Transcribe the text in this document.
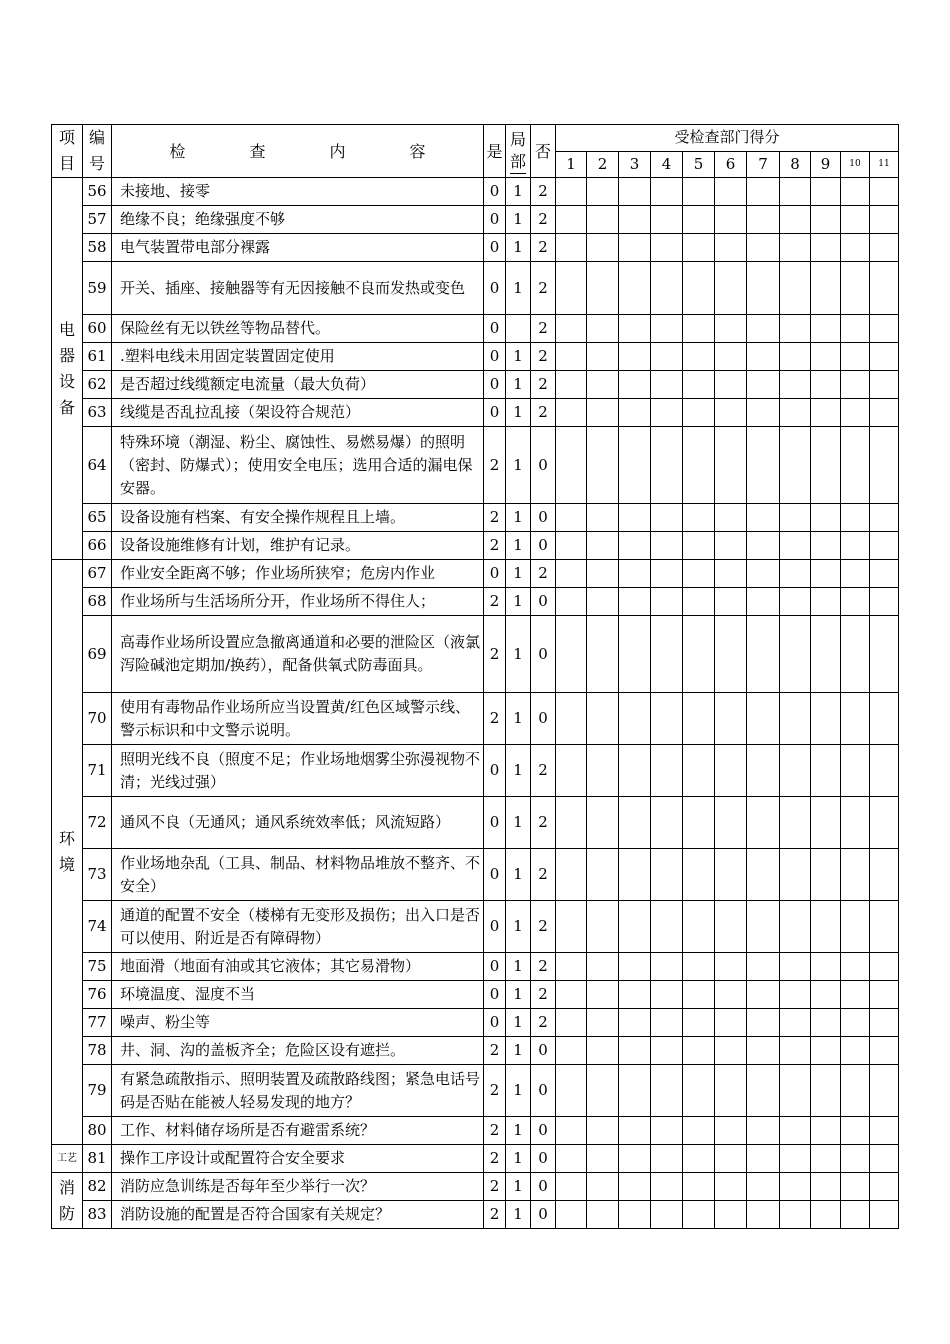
项目	编号	检 查 内 容	是	局部	否	受检查部门得分										
						1	2	3	4	5	6	7	8	9	10	11

电器设备	56	未接地、接零	0	1	2											
	57	绝缘不良；绝缘强度不够	0	1	2											
	58	电气装置带电部分裸露	0	1	2											
	59	开关、插座、接触器等有无因接触不良而发热或变色	0	1	2											
	60	保险丝有无以铁丝等物品替代。	0		2											
	61	.塑料电线未用固定装置固定使用	0	1	2											
	62	是否超过线缆额定电流量（最大负荷）	0	1	2											
	63	线缆是否乱拉乱接（架设符合规范）	0	1	2											
	64	特殊环境（潮湿、粉尘、腐蚀性、易燃易爆）的照明（密封、防爆式）；使用安全电压；选用合适的漏电保安器。	2	1	0											
	65	设备设施有档案、有安全操作规程且上墙。	2	1	0											
	66	设备设施维修有计划，维护有记录。	2	1	0											

环境	67	作业安全距离不够；作业场所狭窄；危房内作业	0	1	2											
	68	作业场所与生活场所分开，作业场所不得住人；	2	1	0											
	69	高毒作业场所设置应急撤离通道和必要的泄险区（液氯泻险碱池定期加/换药），配备供氧式防毒面具。	2	1	0											
	70	使用有毒物品作业场所应当设置黄/红色区域警示线、警示标识和中文警示说明。	2	1	0											
	71	照明光线不良（照度不足；作业场地烟雾尘弥漫视物不清；光线过强）	0	1	2											
	72	通风不良（无通风；通风系统效率低；风流短路）	0	1	2											
	73	作业场地杂乱（工具、制品、材料物品堆放不整齐、不安全）	0	1	2											
	74	通道的配置不安全（楼梯有无变形及损伤；出入口是否可以使用、附近是否有障碍物）	0	1	2											
	75	地面滑（地面有油或其它液体；其它易滑物）	0	1	2											
	76	环境温度、湿度不当	0	1	2											
	77	噪声、粉尘等	0	1	2											
	78	井、洞、沟的盖板齐全；危险区设有遮拦。	2	1	0											
	79	有紧急疏散指示、照明装置及疏散路线图；紧急电话号码是否贴在能被人轻易发现的地方？	2	1	0											
	80	工作、材料储存场所是否有避雷系统？	2	1	0											

工艺	81	操作工序设计或配置符合安全要求	2	1	0											

消防	82	消防应急训练是否每年至少举行一次？	2	1	0											
	83	消防设施的配置是否符合国家有关规定？	2	1	0											
